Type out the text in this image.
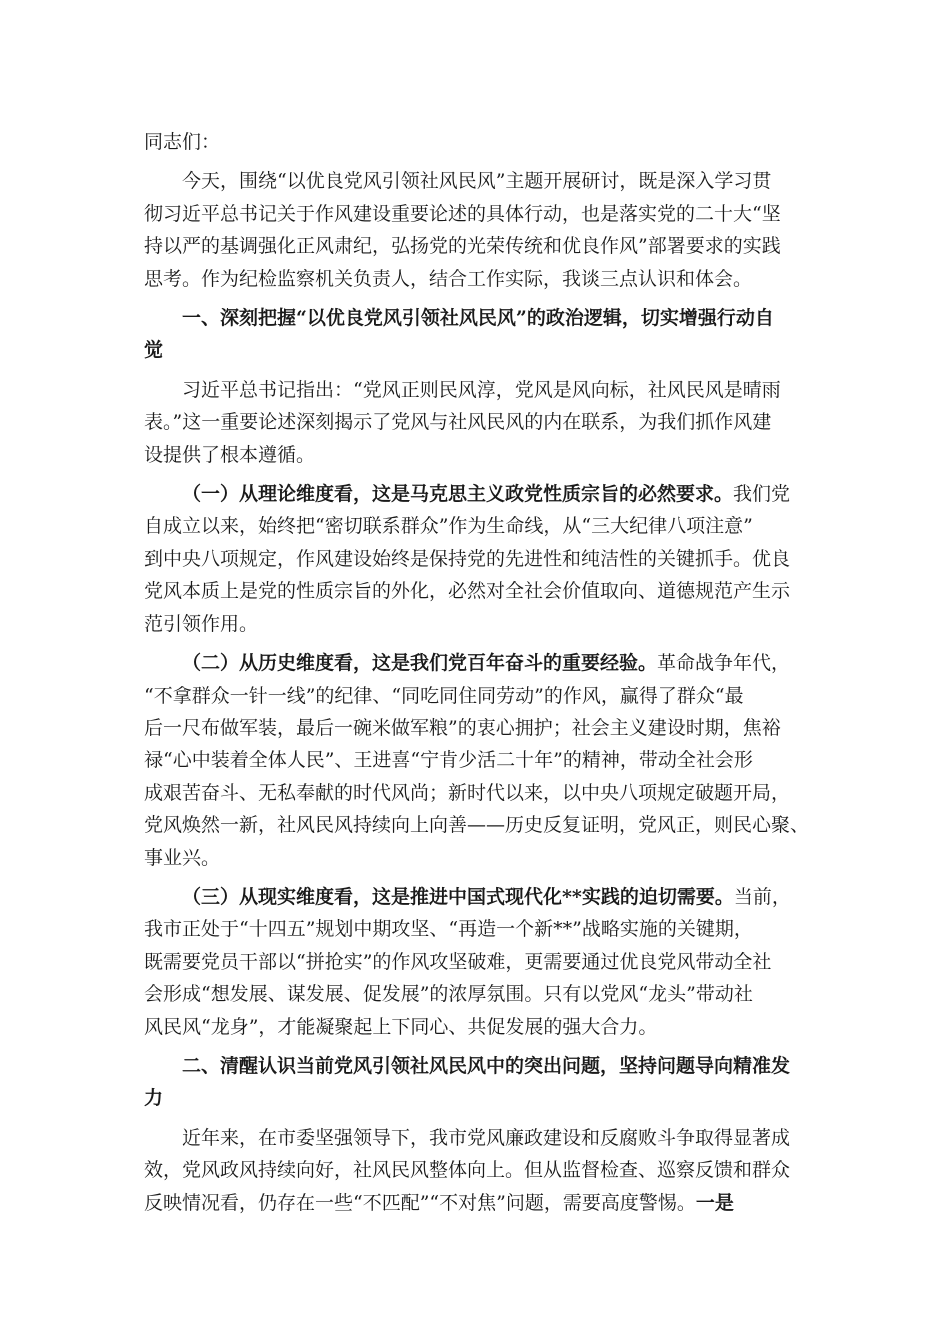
同志们：

今天，围绕“以优良党风引领社风民风”主题开展研讨，既是深入学习贯
彻习近平总书记关于作风建设重要论述的具体行动，也是落实党的二十大“坚
持以严的基调强化正风肃纪，弘扬党的光荣传统和优良作风”部署要求的实践
思考。作为纪检监察机关负责人，结合工作实际，我谈三点认识和体会。

一、深刻把握“以优良党风引领社风民风”的政治逻辑，切实增强行动自
觉

习近平总书记指出：“党风正则民风淳，党风是风向标，社风民风是晴雨
表。”这一重要论述深刻揭示了党风与社风民风的内在联系，为我们抓作风建
设提供了根本遵循。

（一）从理论维度看，这是马克思主义政党性质宗旨的必然要求。我们党
自成立以来，始终把“密切联系群众”作为生命线，从“三大纪律八项注意”
到中央八项规定，作风建设始终是保持党的先进性和纯洁性的关键抓手。优良
党风本质上是党的性质宗旨的外化，必然对全社会价值取向、道德规范产生示
范引领作用。

（二）从历史维度看，这是我们党百年奋斗的重要经验。革命战争年代，
“不拿群众一针一线”的纪律、“同吃同住同劳动”的作风，赢得了群众“最
后一尺布做军装，最后一碗米做军粮”的衷心拥护；社会主义建设时期，焦裕
禄“心中装着全体人民”、王进喜“宁肯少活二十年”的精神，带动全社会形
成艰苦奋斗、无私奉献的时代风尚；新时代以来，以中央八项规定破题开局，
党风焕然一新，社风民风持续向上向善——历史反复证明，党风正，则民心聚、
事业兴。

（三）从现实维度看，这是推进中国式现代化**实践的迫切需要。当前，
我市正处于“十四五”规划中期攻坚、“再造一个新**”战略实施的关键期，
既需要党员干部以“拼抢实”的作风攻坚破难，更需要通过优良党风带动全社
会形成“想发展、谋发展、促发展”的浓厚氛围。只有以党风“龙头”带动社
风民风“龙身”，才能凝聚起上下同心、共促发展的强大合力。

二、清醒认识当前党风引领社风民风中的突出问题，坚持问题导向精准发
力

近年来，在市委坚强领导下，我市党风廉政建设和反腐败斗争取得显著成
效，党风政风持续向好，社风民风整体向上。但从监督检查、巡察反馈和群众
反映情况看，仍存在一些“不匹配”“不对焦”问题，需要高度警惕。一是
